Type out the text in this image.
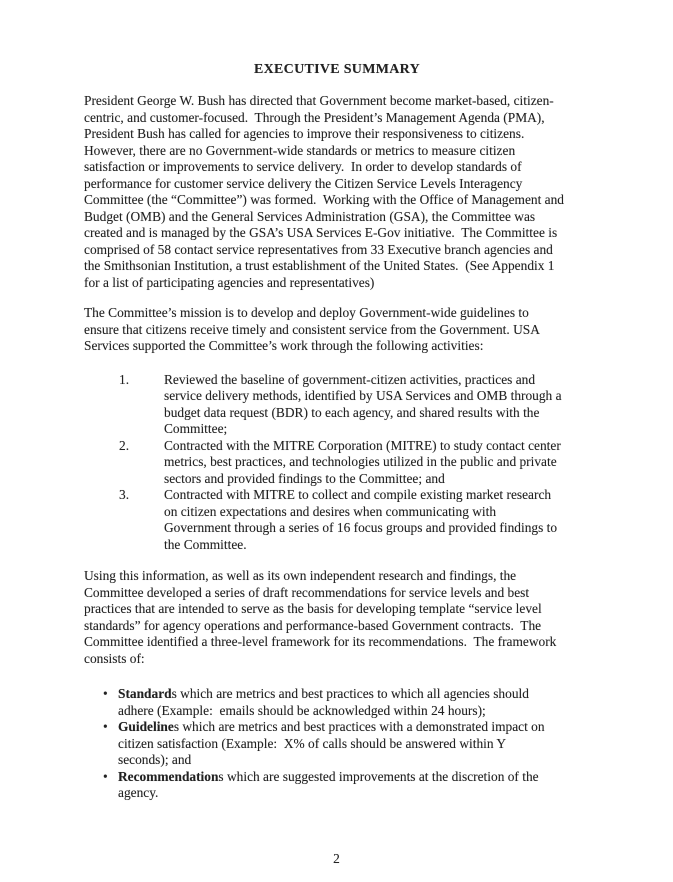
EXECUTIVE SUMMARY
President George W. Bush has directed that Government become market-based, citizen-
centric, and customer-focused.  Through the President’s Management Agenda (PMA),
President Bush has called for agencies to improve their responsiveness to citizens.
However, there are no Government-wide standards or metrics to measure citizen
satisfaction or improvements to service delivery.  In order to develop standards of
performance for customer service delivery the Citizen Service Levels Interagency
Committee (the “Committee”) was formed.  Working with the Office of Management and
Budget (OMB) and the General Services Administration (GSA), the Committee was
created and is managed by the GSA’s USA Services E-Gov initiative.  The Committee is
comprised of 58 contact service representatives from 33 Executive branch agencies and
the Smithsonian Institution, a trust establishment of the United States.  (See Appendix 1
for a list of participating agencies and representatives)
The Committee’s mission is to develop and deploy Government-wide guidelines to
ensure that citizens receive timely and consistent service from the Government. USA
Services supported the Committee’s work through the following activities:
1.	Reviewed the baseline of government-citizen activities, practices and
service delivery methods, identified by USA Services and OMB through a
budget data request (BDR) to each agency, and shared results with the
Committee;
2.	Contracted with the MITRE Corporation (MITRE) to study contact center
metrics, best practices, and technologies utilized in the public and private
sectors and provided findings to the Committee; and
3.	Contracted with MITRE to collect and compile existing market research
on citizen expectations and desires when communicating with
Government through a series of 16 focus groups and provided findings to
the Committee.
Using this information, as well as its own independent research and findings, the
Committee developed a series of draft recommendations for service levels and best
practices that are intended to serve as the basis for developing template “service level
standards” for agency operations and performance-based Government contracts.  The
Committee identified a three-level framework for its recommendations.  The framework
consists of:
• Standards which are metrics and best practices to which all agencies should
adhere (Example:  emails should be acknowledged within 24 hours);
• Guidelines which are metrics and best practices with a demonstrated impact on
citizen satisfaction (Example:  X% of calls should be answered within Y
seconds); and
• Recommendations which are suggested improvements at the discretion of the
agency.
2
